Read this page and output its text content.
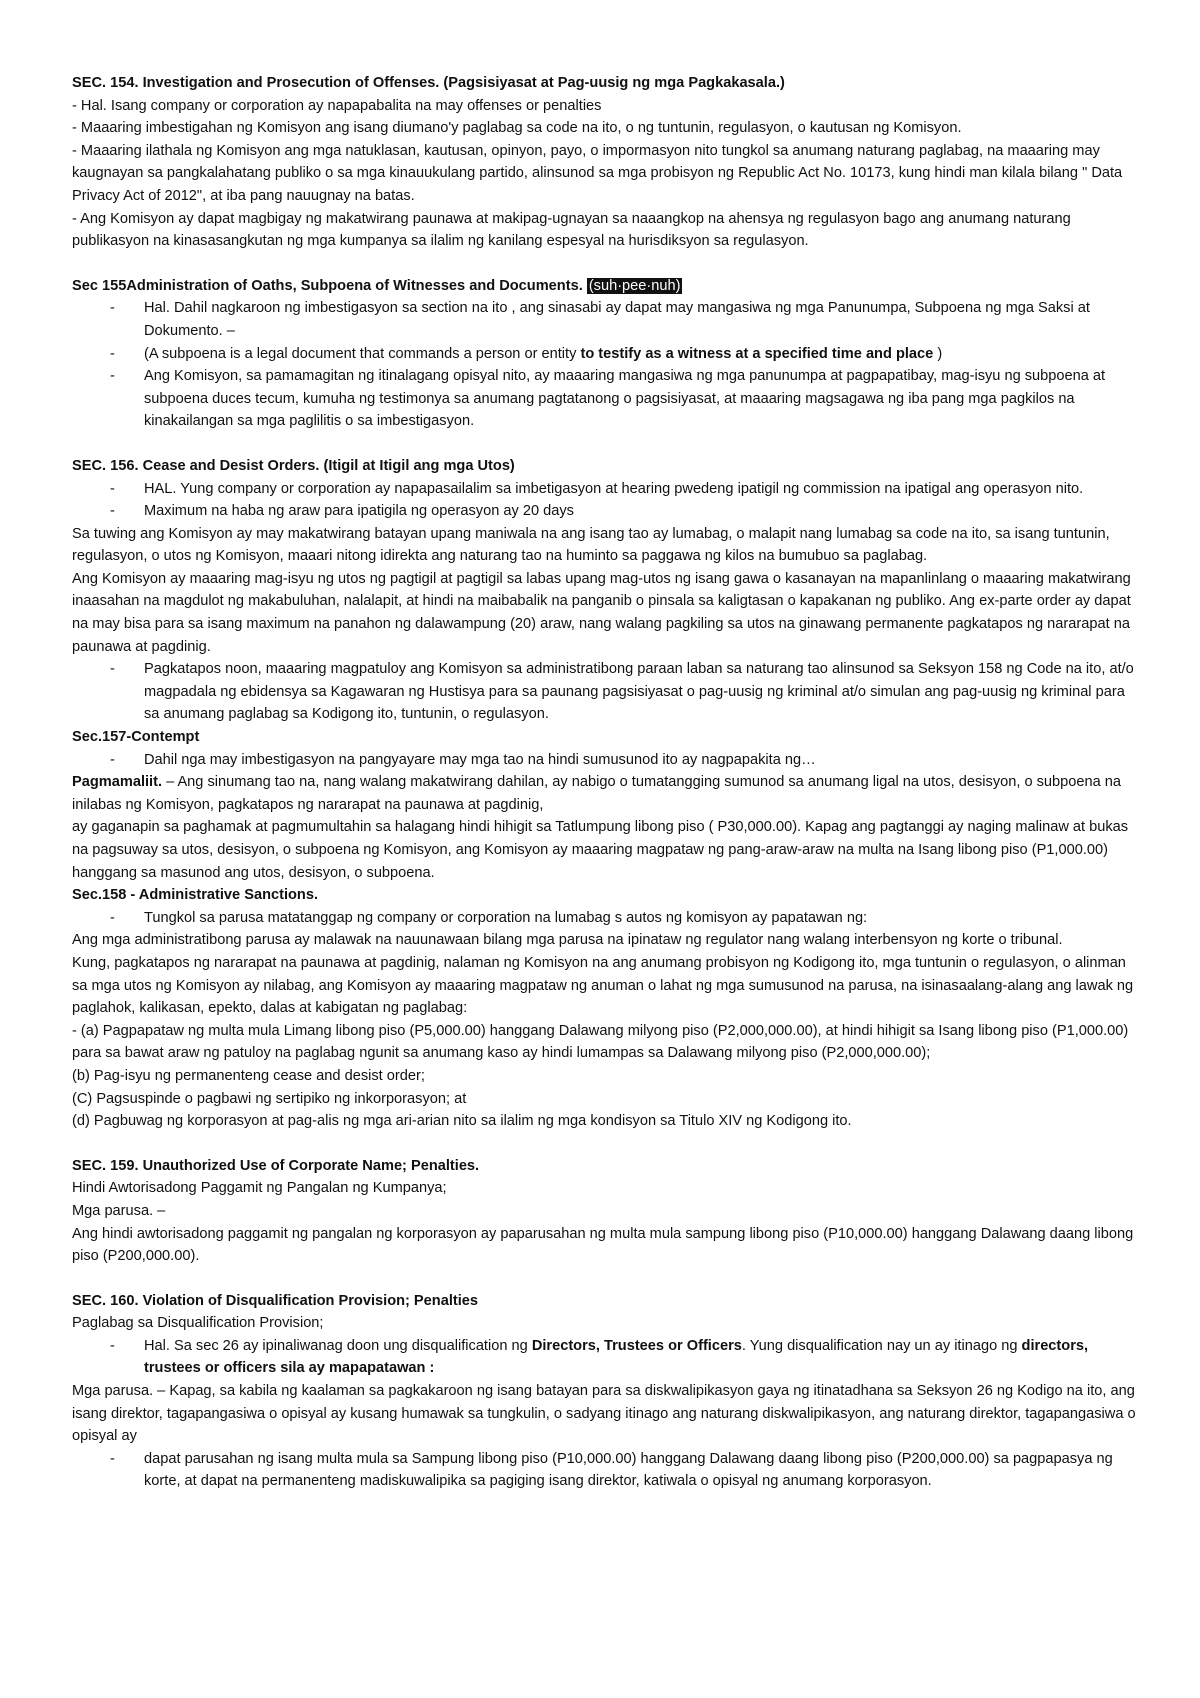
SEC. 154. Investigation and Prosecution of Offenses. (Pagsisiyasat at Pag-uusig ng mga Pagkakasala.)

- Hal. Isang company or corporation ay napapabalita na may offenses or penalties

- Maaaring imbestigahan ng Komisyon ang isang diumano'y paglabag sa code na ito, o ng tuntunin, regulasyon, o kautusan ng Komisyon.

- Maaaring ilathala ng Komisyon ang mga natuklasan, kautusan, opinyon, payo, o impormasyon nito tungkol sa anumang naturang paglabag, na maaaring may kaugnayan sa pangkalahatang publiko o sa mga kinauukulang partido, alinsunod sa mga probisyon ng Republic Act No. 10173, kung hindi man kilala bilang " Data Privacy Act of 2012", at iba pang nauugnay na batas.

- Ang Komisyon ay dapat magbigay ng makatwirang paunawa at makipag-ugnayan sa naaangkop na ahensya ng regulasyon bago ang anumang naturang publikasyon na kinasasangkutan ng mga kumpanya sa ilalim ng kanilang espesyal na hurisdiksyon sa regulasyon.

Sec 155Administration of Oaths, Subpoena of Witnesses and Documents. (suh·pee·nuh)

- Hal. Dahil nagkaroon ng imbestigasyon sa section na ito , ang sinasabi ay dapat may mangasiwa ng mga Panunumpa, Subpoena ng mga Saksi at Dokumento. –
- (A subpoena is a legal document that commands a person or entity to testify as a witness at a specified time and place )
- Ang Komisyon, sa pamamagitan ng itinalagang opisyal nito, ay maaaring mangasiwa ng mga panunumpa at pagpapatibay, mag-isyu ng subpoena at subpoena duces tecum, kumuha ng testimonya sa anumang pagtatanong o pagsisiyasat, at maaaring magsagawa ng iba pang mga pagkilos na kinakailangan sa mga paglilitis o sa imbestigasyon.

SEC. 156. Cease and Desist Orders. (Itigil at Itigil ang mga Utos)

- HAL. Yung company or corporation ay napapasailalim sa imbetigasyon at hearing pwedeng ipatigil ng commission na ipatigal ang operasyon nito.
- Maximum na haba ng araw para ipatigila ng operasyon ay 20 days

Sa tuwing ang Komisyon ay may makatwirang batayan upang maniwala na ang isang tao ay lumabag, o malapit nang lumabag sa code na ito, sa isang tuntunin, regulasyon, o utos ng Komisyon, maaari nitong idirekta ang naturang tao na huminto sa paggawa ng kilos na bumubuo sa paglabag.

Ang Komisyon ay maaaring mag-isyu ng utos ng pagtigil at pagtigil sa labas upang mag-utos ng isang gawa o kasanayan na mapanlinlang o maaaring makatwirang inaasahan na magdulot ng makabuluhan, nalalapit, at hindi na maibabalik na panganib o pinsala sa kaligtasan o kapakanan ng publiko. Ang ex-parte order ay dapat na may bisa para sa isang maximum na panahon ng dalawampung (20) araw, nang walang pagkiling sa utos na ginawang permanente pagkatapos ng nararapat na paunawa at pagdinig.

- Pagkatapos noon, maaaring magpatuloy ang Komisyon sa administratibong paraan laban sa naturang tao alinsunod sa Seksyon 158 ng Code na ito, at/o magpadala ng ebidensya sa Kagawaran ng Hustisya para sa paunang pagsisiyasat o pag-uusig ng kriminal at/o simulan ang pag-uusig ng kriminal para sa anumang paglabag sa Kodigong ito, tuntunin, o regulasyon.

Sec.157-Contempt

- Dahil nga may imbestigasyon na pangyayare may mga tao na hindi sumusunod ito ay nagpapakita ng…

Pagmamaliit. – Ang sinumang tao na, nang walang makatwirang dahilan, ay nabigo o tumatangging sumunod sa anumang ligal na utos, desisyon, o subpoena na inilabas ng Komisyon, pagkatapos ng nararapat na paunawa at pagdinig,

ay gaganapin sa paghamak at pagmumultahin sa halagang hindi hihigit sa Tatlumpung libong piso ( P30,000.00). Kapag ang pagtanggi ay naging malinaw at bukas na pagsuway sa utos, desisyon, o subpoena ng Komisyon, ang Komisyon ay maaaring magpataw ng pang-araw-araw na multa na Isang libong piso (P1,000.00) hanggang sa masunod ang utos, desisyon, o subpoena.

Sec.158 - Administrative Sanctions.

- Tungkol sa parusa matatanggap ng company or corporation na lumabag s autos ng komisyon ay papatawan ng:

Ang mga administratibong parusa ay malawak na nauunawaan bilang mga parusa na ipinataw ng regulator nang walang interbensyon ng korte o tribunal.

Kung, pagkatapos ng nararapat na paunawa at pagdinig, nalaman ng Komisyon na ang anumang probisyon ng Kodigong ito, mga tuntunin o regulasyon, o alinman sa mga utos ng Komisyon ay nilabag, ang Komisyon ay maaaring magpataw ng anuman o lahat ng mga sumusunod na parusa, na isinasaalang-alang ang lawak ng paglahok, kalikasan, epekto, dalas at kabigatan ng paglabag:

- (a) Pagpapataw ng multa mula Limang libong piso (P5,000.00) hanggang Dalawang milyong piso (P2,000,000.00), at hindi hihigit sa Isang libong piso (P1,000.00) para sa bawat araw ng patuloy na paglabag ngunit sa anumang kaso ay hindi lumampas sa Dalawang milyong piso (P2,000,000.00);

(b) Pag-isyu ng permanenteng cease and desist order;

(C) Pagsuspinde o pagbawi ng sertipiko ng inkorporasyon; at

(d) Pagbuwag ng korporasyon at pag-alis ng mga ari-arian nito sa ilalim ng mga kondisyon sa Titulo XIV ng Kodigong ito.

SEC. 159. Unauthorized Use of Corporate Name; Penalties.

Hindi Awtorisadong Paggamit ng Pangalan ng Kumpanya;

Mga parusa. –

Ang hindi awtorisadong paggamit ng pangalan ng korporasyon ay paparusahan ng multa mula sampung libong piso (P10,000.00) hanggang Dalawang daang libong piso (P200,000.00).

SEC. 160. Violation of Disqualification Provision; Penalties

Paglabag sa Disqualification Provision;

- Hal. Sa sec 26 ay ipinaliwanag doon ung disqualification ng Directors, Trustees or Officers. Yung disqualification nay un ay itinago ng directors, trustees or officers sila ay mapapatawan :

Mga parusa. – Kapag, sa kabila ng kaalaman sa pagkakaroon ng isang batayan para sa diskwalipikasyon gaya ng itinatadhana sa Seksyon 26 ng Kodigo na ito, ang isang direktor, tagapangasiwa o opisyal ay kusang humawak sa tungkulin, o sadyang itinago ang naturang diskwalipikasyon, ang naturang direktor, tagapangasiwa o opisyal ay

- dapat parusahan ng isang multa mula sa Sampung libong piso (P10,000.00) hanggang Dalawang daang libong piso (P200,000.00) sa pagpapasya ng korte, at dapat na permanenteng madiskuwalipika sa pagiging isang direktor, katiwala o opisyal ng anumang korporasyon.
